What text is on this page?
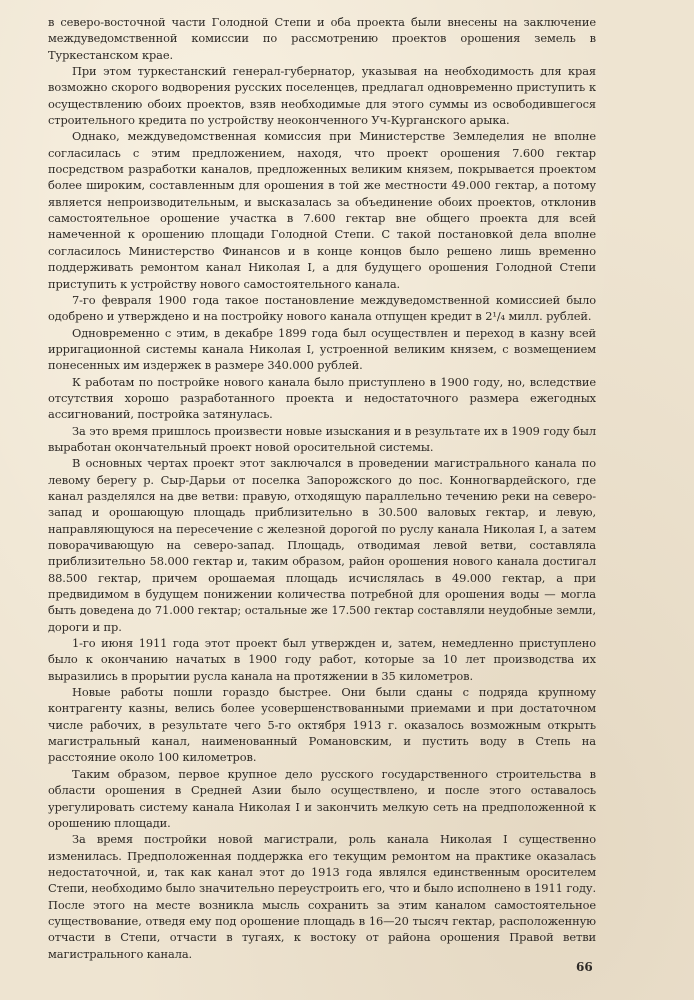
в северо-восточной части Голодной Степи и оба проекта были внесены на заключение междуведомственной комиссии по рассмотрению проектов орошения земель в Туркестанском крае.

При этом туркестанский генерал-губернатор, указывая на необходимость для края возможно скорого водворения русских поселенцев, предлагал одновременно приступить к осуществлению обоих проектов, взяв необходимые для этого суммы из освободившегося строительного кредита по устройству неоконченного Уч-Курганского арыка.

Однако, междуведомственная комиссия при Министерстве Земледелия не вполне согласилась с этим предложением, находя, что проект орошения 7.600 гектар посредством разработки каналов, предложенных великим князем, покрывается проектом более широким, составленным для орошения в той же местности 49.000 гектар, а потому является непроизводительным, и высказалась за объединение обоих проектов, отклонив самостоятельное орошение участка в 7.600 гектар вне общего проекта для всей намеченной к орошению площади Голодной Степи. С такой постановкой дела вполне согласилось Министерство Финансов и в конце концов было решено лишь временно поддерживать ремонтом канал Николая I, а для будущего орошения Голодной Степи приступить к устройству нового самостоятельного канала.

7-го февраля 1900 года такое постановление междуведомственной комиссией было одобрено и утверждено и на постройку нового канала отпущен кредит в 2¹/₄ милл. рублей.

Одновременно с этим, в декабре 1899 года был осуществлен и переход в казну всей ирригационной системы канала Николая I, устроенной великим князем, с возмещением понесенных им издержек в размере 340.000 рублей.

К работам по постройке нового канала было приступлено в 1900 году, но, вследствие отсутствия хорошо разработанного проекта и недостаточного размера ежегодных ассигнований, постройка затянулась.

За это время пришлось произвести новые изыскания и в результате их в 1909 году был выработан окончательный проект новой оросительной системы.

В основных чертах проект этот заключался в проведении магистрального канала по левому берегу р. Сыр-Дарьи от поселка Запорожского до пос. Конногвардейского, где канал разделялся на две ветви: правую, отходящую параллельно течению реки на северо-запад и орошающую площадь приблизительно в 30.500 валовых гектар, и левую, направляющуюся на пересечение с железной дорогой по руслу канала Николая I, а затем поворачивающую на северо-запад. Площадь, отводимая левой ветви, составляла приблизительно 58.000 гектар и, таким образом, район орошения нового канала достигал 88.500 гектар, причем орошаемая площадь исчислялась в 49.000 гектар, а при предвидимом в будущем понижении количества потребной для орошения воды — могла быть доведена до 71.000 гектар; остальные же 17.500 гектар составляли неудобные земли, дороги и пр.

1-го июня 1911 года этот проект был утвержден и, затем, немедленно приступлено было к окончанию начатых в 1900 году работ, которые за 10 лет производства их выразились в прорытии русла канала на протяжении в 35 километров.

Новые работы пошли гораздо быстрее. Они были сданы с подряда крупному контрагенту казны, велись более усовершенствованными приемами и при достаточном числе рабочих, в результате чего 5-го октября 1913 г. оказалось возможным открыть магистральный канал, наименованный Романовским, и пустить воду в Степь на расстояние около 100 километров.

Таким образом, первое крупное дело русского государственного строительства в области орошения в Средней Азии было осуществлено, и после этого оставалось урегулировать систему канала Николая I и закончить мелкую сеть на предположенной к орошению площади.

За время постройки новой магистрали, роль канала Николая I существенно изменилась. Предположенная поддержка его текущим ремонтом на практике оказалась недостаточной, и, так как канал этот до 1913 года являлся единственным оросителем Степи, необходимо было значительно переустроить его, что и было исполнено в 1911 году. После этого на месте возникла мысль сохранить за этим каналом самостоятельное существование, отведя ему под орошение площадь в 16—20 тысяч гектар, расположенную отчасти в Степи, отчасти в тугаях, к востоку от района орошения Правой ветви магистрального канала.

66
